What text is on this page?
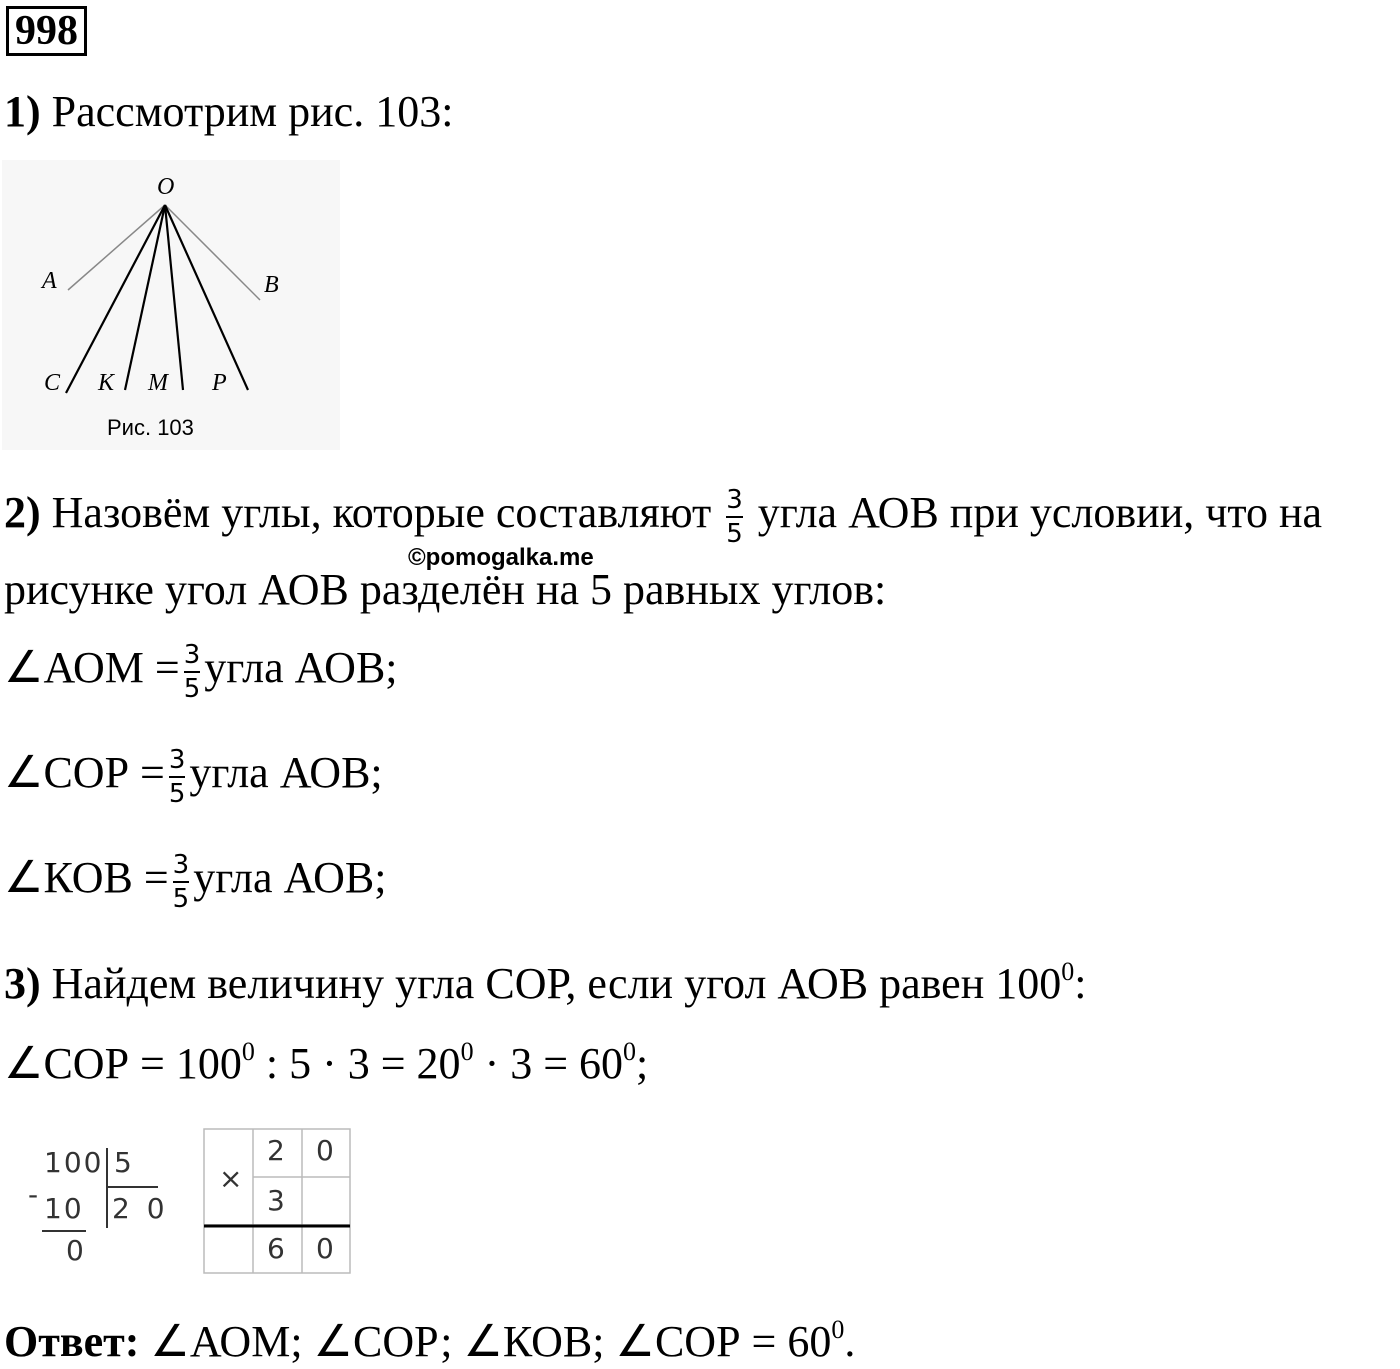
998
1) Рассмотрим рис. 103:
O
A	B
C K M P
Рис. 103
2) Назовём углы, которые составляют $\frac{3}{5}$ угла АОВ при условии, что на
©pomogalka.me
рисунке угол АОВ разделён на 5 равных углов:
∠АОМ = $\frac{3}{5}$ угла АОВ;
∠СОР = $\frac{3}{5}$ угла АОВ;
∠КОВ = $\frac{3}{5}$ угла АОВ;
3) Найдем величину угла СОР, если угол АОВ равен $100^0$:
∠СОР = $100^0$ : $5 \cdot 3 = 20^0 \cdot 3 = 60^0$;
-
100 5
10 2 0
0
×
2 0
3
6 0
Ответ: ∠АОМ; ∠СОР; ∠КОВ; ∠СОР = $60^0$.
